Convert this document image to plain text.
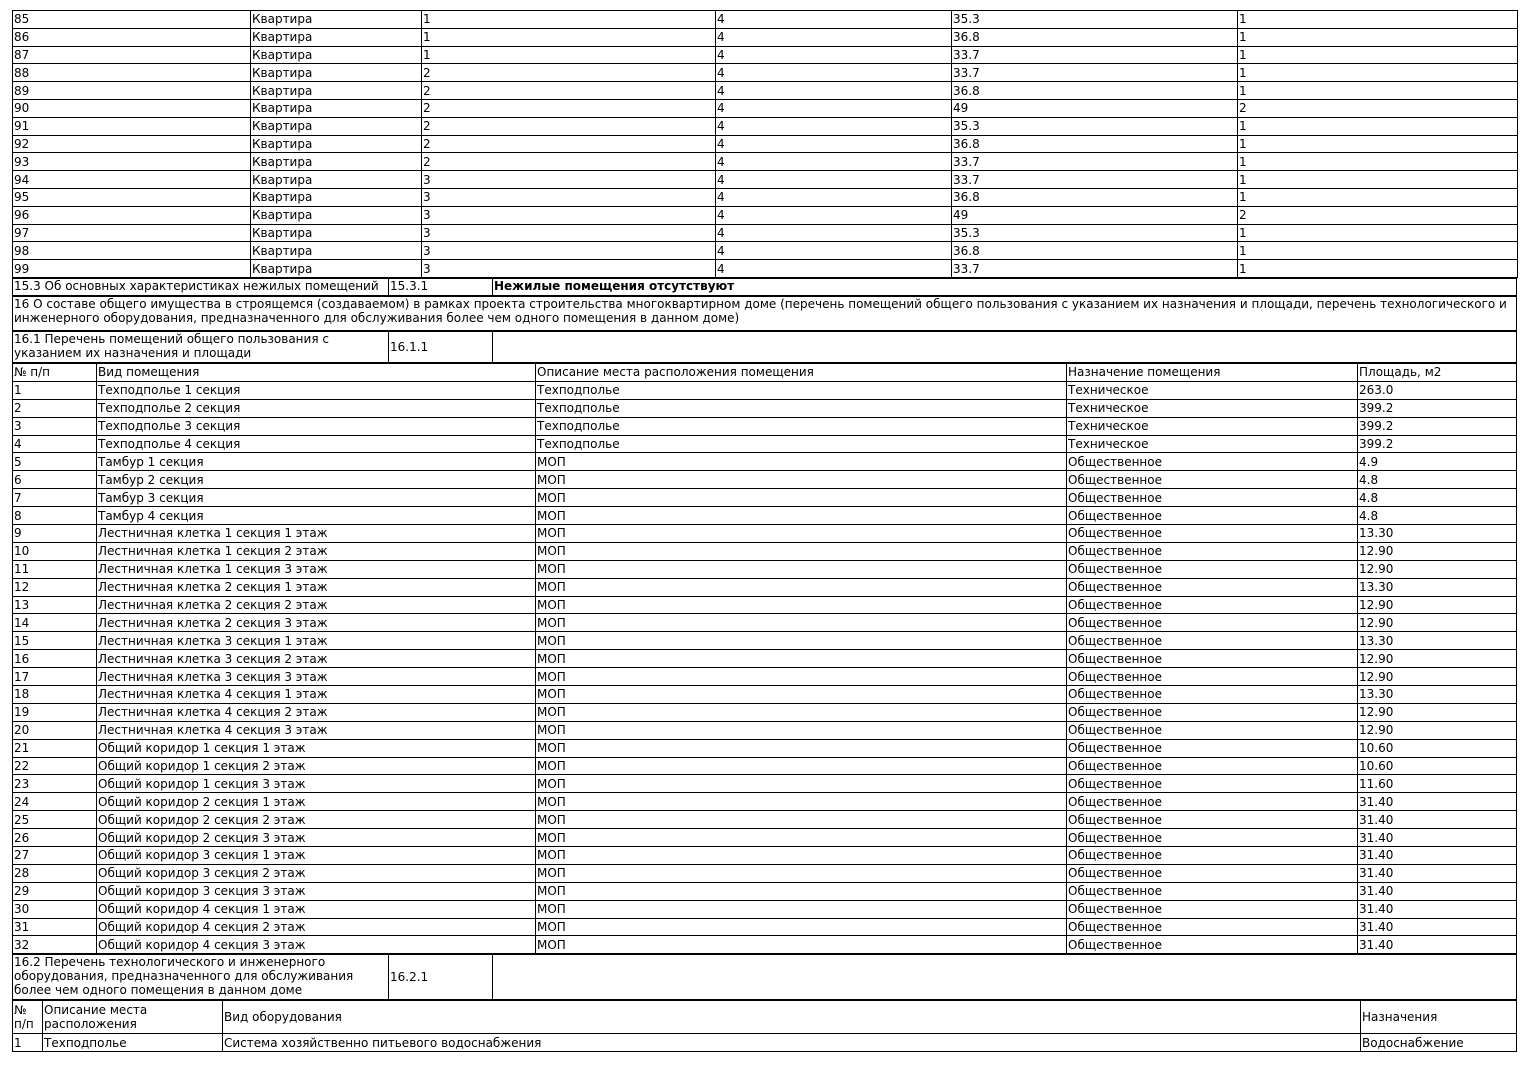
85	Квартира	1	4	35.3	1
86	Квартира	1	4	36.8	1
87	Квартира	1	4	33.7	1
88	Квартира	2	4	33.7	1
89	Квартира	2	4	36.8	1
90	Квартира	2	4	49	2
91	Квартира	2	4	35.3	1
92	Квартира	2	4	36.8	1
93	Квартира	2	4	33.7	1
94	Квартира	3	4	33.7	1
95	Квартира	3	4	36.8	1
96	Квартира	3	4	49	2
97	Квартира	3	4	35.3	1
98	Квартира	3	4	36.8	1
99	Квартира	3	4	33.7	1
15.3 Об основных характеристиках нежилых помещений	15.3.1	Нежилые помещения отсутствуют
16 О составе общего имущества в строящемся (создаваемом) в рамках проекта строительства многоквартирном доме (перечень помещений общего пользования с указанием их назначения и площади, перечень технологического и инженерного оборудования, предназначенного для обслуживания более чем одного помещения в данном доме)
16.1 Перечень помещений общего пользования с указанием их назначения и площади	16.1.1	
№ п/п	Вид помещения	Описание места расположения помещения	Назначение помещения	Площадь, м2
1	Техподполье 1 секция	Техподполье	Техническое	263.0
2	Техподполье 2 секция	Техподполье	Техническое	399.2
3	Техподполье 3 секция	Техподполье	Техническое	399.2
4	Техподполье 4 секция	Техподполье	Техническое	399.2
5	Тамбур 1 секция	МОП	Общественное	4.9
6	Тамбур 2 секция	МОП	Общественное	4.8
7	Тамбур 3 секция	МОП	Общественное	4.8
8	Тамбур 4 секция	МОП	Общественное	4.8
9	Лестничная клетка 1 секция 1 этаж	МОП	Общественное	13.30
10	Лестничная клетка 1 секция 2 этаж	МОП	Общественное	12.90
11	Лестничная клетка 1 секция 3 этаж	МОП	Общественное	12.90
12	Лестничная клетка 2 секция 1 этаж	МОП	Общественное	13.30
13	Лестничная клетка 2 секция 2 этаж	МОП	Общественное	12.90
14	Лестничная клетка 2 секция 3 этаж	МОП	Общественное	12.90
15	Лестничная клетка 3 секция 1 этаж	МОП	Общественное	13.30
16	Лестничная клетка 3 секция 2 этаж	МОП	Общественное	12.90
17	Лестничная клетка 3 секция 3 этаж	МОП	Общественное	12.90
18	Лестничная клетка 4 секция 1 этаж	МОП	Общественное	13.30
19	Лестничная клетка 4 секция 2 этаж	МОП	Общественное	12.90
20	Лестничная клетка 4 секция 3 этаж	МОП	Общественное	12.90
21	Общий коридор 1 секция 1 этаж	МОП	Общественное	10.60
22	Общий коридор 1 секция 2 этаж	МОП	Общественное	10.60
23	Общий коридор 1 секция 3 этаж	МОП	Общественное	11.60
24	Общий коридор 2 секция 1 этаж	МОП	Общественное	31.40
25	Общий коридор 2 секция 2 этаж	МОП	Общественное	31.40
26	Общий коридор 2 секция 3 этаж	МОП	Общественное	31.40
27	Общий коридор 3 секция 1 этаж	МОП	Общественное	31.40
28	Общий коридор 3 секция 2 этаж	МОП	Общественное	31.40
29	Общий коридор 3 секция 3 этаж	МОП	Общественное	31.40
30	Общий коридор 4 секция 1 этаж	МОП	Общественное	31.40
31	Общий коридор 4 секция 2 этаж	МОП	Общественное	31.40
32	Общий коридор 4 секция 3 этаж	МОП	Общественное	31.40
16.2 Перечень технологического и инженерного оборудования, предназначенного для обслуживания более чем одного помещения в данном доме	16.2.1	
№ п/п	Описание места расположения	Вид оборудования	Назначения
1	Техподполье	Система хозяйственно питьевого водоснабжения	Водоснабжение
